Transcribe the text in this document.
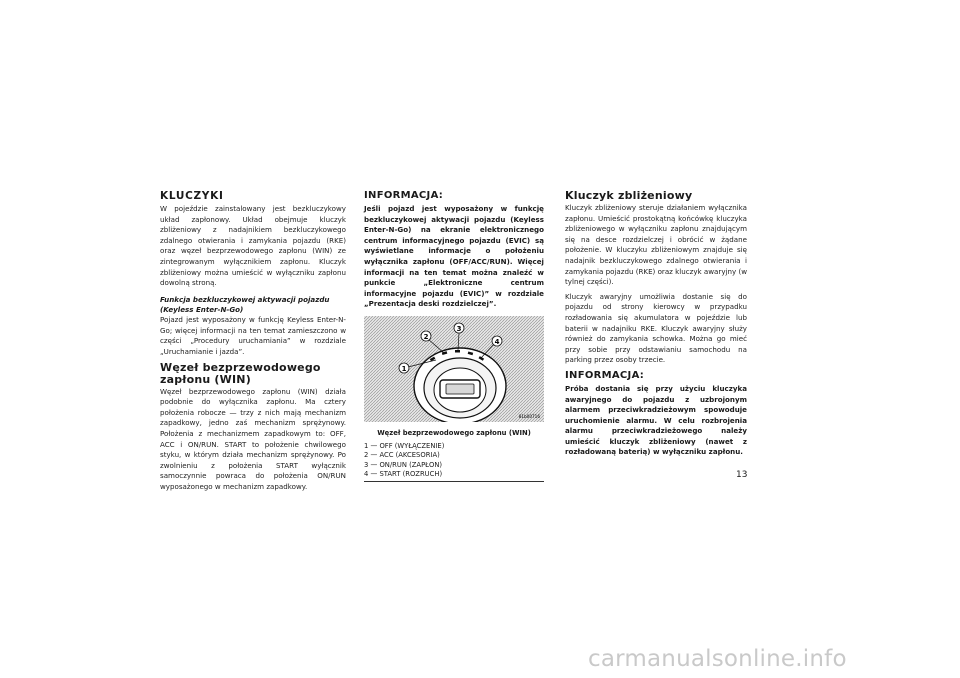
KLUCZYKI

W pojeździe zainstalowany jest bezkluczykowy układ zapłonowy. Układ obejmuje kluczyk zbliżeniowy z nadajnikiem bezkluczykowego zdalnego otwierania i zamykania pojazdu (RKE) oraz węzeł bezprzewodowego zapłonu (WIN) ze zintegrowanym wyłącznikiem zapłonu. Kluczyk zbliżeniowy można umieścić w wyłączniku zapłonu dowolną stroną.

Funkcja bezkluczykowej aktywacji pojazdu (Keyless Enter-N-Go)

Pojazd jest wyposażony w funkcję Keyless Enter-N-Go; więcej informacji na ten temat zamieszczono w części „Procedury uruchamiania” w rozdziale „Uruchamianie i jazda”.

Węzeł bezprzewodowego zapłonu (WIN)

Węzeł bezprzewodowego zapłonu (WIN) działa podobnie do wyłącznika zapłonu. Ma cztery położenia robocze — trzy z nich mają mechanizm zapadkowy, jedno zaś mechanizm sprężynowy. Położenia z mechanizmem zapadkowym to: OFF, ACC i ON/RUN. START to położenie chwilowego styku, w którym działa mechanizm sprężynowy. Po zwolnieniu z położenia START wyłącznik samoczynnie powraca do położenia ON/RUN wyposażonego w mechanizm zapadkowy.

INFORMACJA:

Jeśli pojazd jest wyposażony w funkcję bezkluczykowej aktywacji pojazdu (Keyless Enter-N-Go) na ekranie elektronicznego centrum informacyjnego pojazdu (EVIC) są wyświetlane informacje o położeniu wyłącznika zapłonu (OFF/ACC/RUN). Więcej informacji na ten temat można znaleźć w punkcie „Elektroniczne centrum informacyjne pojazdu (EVIC)” w rozdziale „Prezentacja deski rozdzielczej”.

1
2
3
4
81b00716
Węzeł bezprzewodowego zapłonu (WIN)

1 — OFF (WYŁĄCZENIE)

2 — ACC (AKCESORIA)

3 — ON/RUN (ZAPŁON)

4 — START (ROZRUCH)

Kluczyk zbliżeniowy

Kluczyk zbliżeniowy steruje działaniem wyłącznika zapłonu. Umieścić prostokątną końcówkę kluczyka zbliżeniowego w wyłączniku zapłonu znajdującym się na desce rozdzielczej i obrócić w żądane położenie. W kluczyku zbliżeniowym znajduje się nadajnik bezkluczykowego zdalnego otwierania i zamykania pojazdu (RKE) oraz kluczyk awaryjny (w tylnej części).

Kluczyk awaryjny umożliwia dostanie się do pojazdu od strony kierowcy w przypadku rozładowania się akumulatora w pojeździe lub baterii w nadajniku RKE. Kluczyk awaryjny służy również do zamykania schowka. Można go mieć przy sobie przy odstawianiu samochodu na parking przez osoby trzecie.

INFORMACJA:

Próba dostania się przy użyciu kluczyka awaryjnego do pojazdu z uzbrojonym alarmem przeciwkradzieżowym spowoduje uruchomienie alarmu. W celu rozbrojenia alarmu przeciwkradzieżowego należy umieścić kluczyk zbliżeniowy (nawet z rozładowaną baterią) w wyłączniku zapłonu.

13
carmanualsonline.info
